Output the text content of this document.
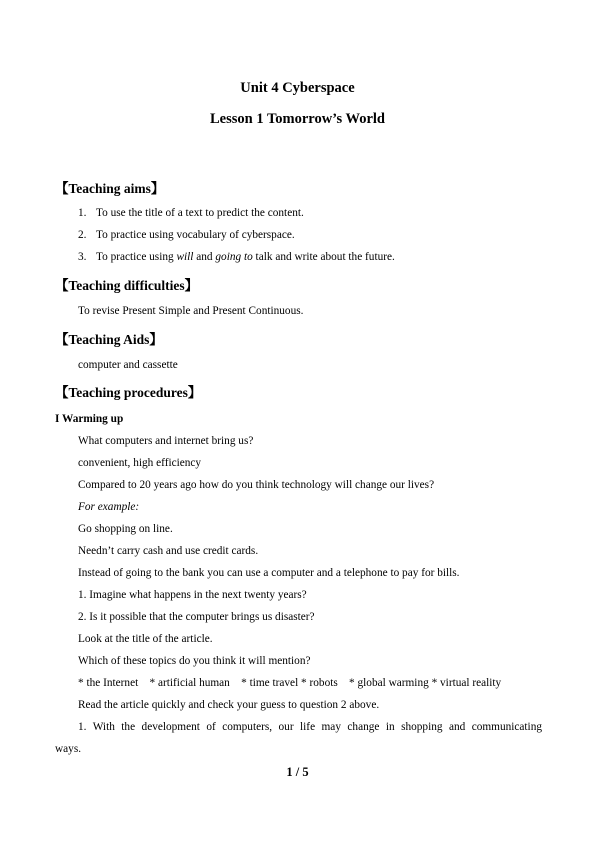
Unit 4 Cyberspace
Lesson 1 Tomorrow’s World
【Teaching aims】
1. To use the title of a text to predict the content.
2. To practice using vocabulary of cyberspace.
3. To practice using will and going to talk and write about the future.
【Teaching difficulties】
To revise Present Simple and Present Continuous.
【Teaching Aids】
computer and cassette
【Teaching procedures】
I Warming up
What computers and internet bring us?
convenient, high efficiency
Compared to 20 years ago how do you think technology will change our lives?
For example:
Go shopping on line.
Needn’t carry cash and use credit cards.
Instead of going to the bank you can use a computer and a telephone to pay for bills.
1. Imagine what happens in the next twenty years?
2. Is it possible that the computer brings us disaster?
Look at the title of the article.
Which of these topics do you think it will mention?
* the Internet    * artificial human    * time travel * robots    * global warming * virtual reality
Read the article quickly and check your guess to question 2 above.
1. With the development of computers, our life may change in shopping and communicating
ways.
1 / 5
